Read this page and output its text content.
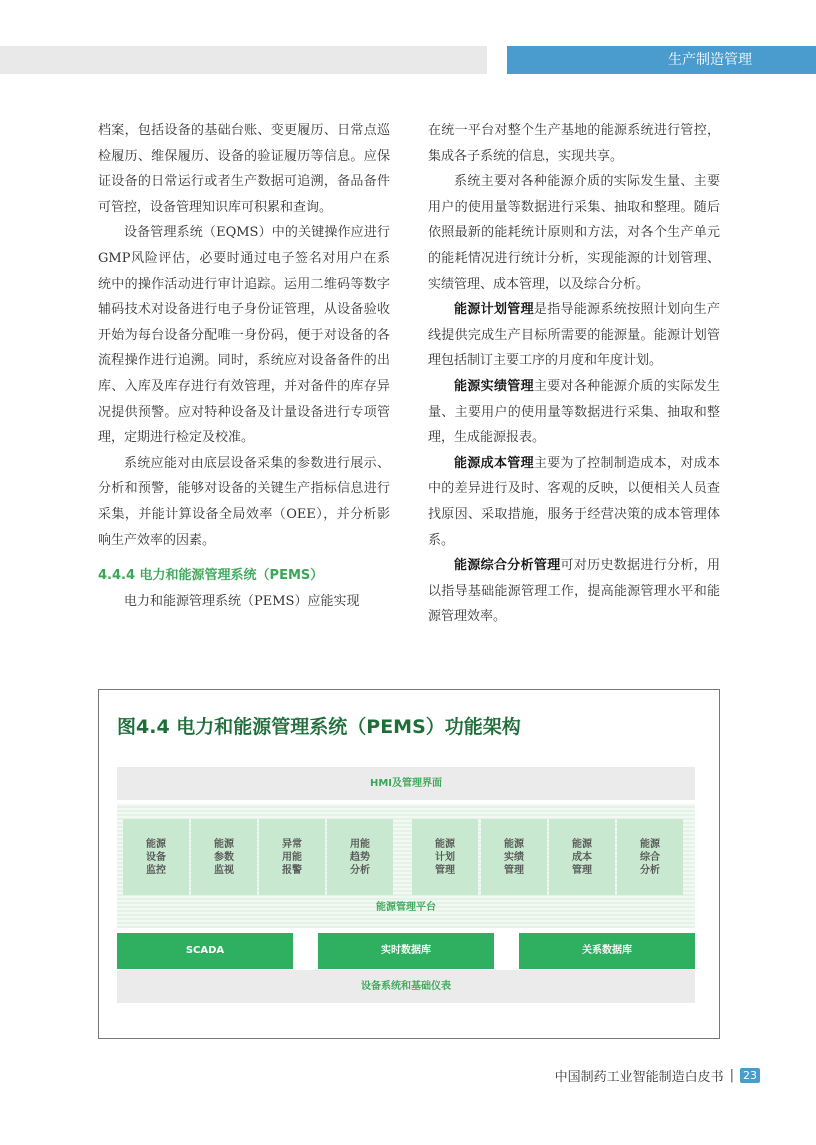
生产制造管理

档案，包括设备的基础台账、变更履历、日常点巡检履历、维保履历、设备的验证履历等信息。应保证设备的日常运行或者生产数据可追溯，备品备件可管控，设备管理知识库可积累和查询。

设备管理系统（EQMS）中的关键操作应进行GMP风险评估，必要时通过电子签名对用户在系统中的操作活动进行审计追踪。运用二维码等数字辅码技术对设备进行电子身份证管理，从设备验收开始为每台设备分配唯一身份码，便于对设备的各流程操作进行追溯。同时，系统应对设备备件的出库、入库及库存进行有效管理，并对备件的库存异况提供预警。应对特种设备及计量设备进行专项管理，定期进行检定及校准。

系统应能对由底层设备采集的参数进行展示、分析和预警，能够对设备的关键生产指标信息进行采集，并能计算设备全局效率（OEE），并分析影响生产效率的因素。

4.4.4 电力和能源管理系统（PEMS）

电力和能源管理系统（PEMS）应能实现

在统一平台对整个生产基地的能源系统进行管控，集成各子系统的信息，实现共享。

系统主要对各种能源介质的实际发生量、主要用户的使用量等数据进行采集、抽取和整理。随后依照最新的能耗统计原则和方法，对各个生产单元的能耗情况进行统计分析，实现能源的计划管理、实绩管理、成本管理，以及综合分析。

能源计划管理是指导能源系统按照计划向生产线提供完成生产目标所需要的能源量。能源计划管理包括制订主要工序的月度和年度计划。

能源实绩管理主要对各种能源介质的实际发生量、主要用户的使用量等数据进行采集、抽取和整理，生成能源报表。

能源成本管理主要为了控制制造成本，对成本中的差异进行及时、客观的反映，以便相关人员查找原因、采取措施，服务于经营决策的成本管理体系。

能源综合分析管理可对历史数据进行分析，用以指导基础能源管理工作，提高能源管理水平和能源管理效率。

图4.4 电力和能源管理系统（PEMS）功能架构
HMI及管理界面
能源设备监控
能源参数监视
异常用能报警
用能趋势分析
能源计划管理
能源实绩管理
能源成本管理
能源综合分析
能源管理平台
SCADA	实时数据库	关系数据库
设备系统和基础仪表
中国制药工业智能制造白皮书 | 23
